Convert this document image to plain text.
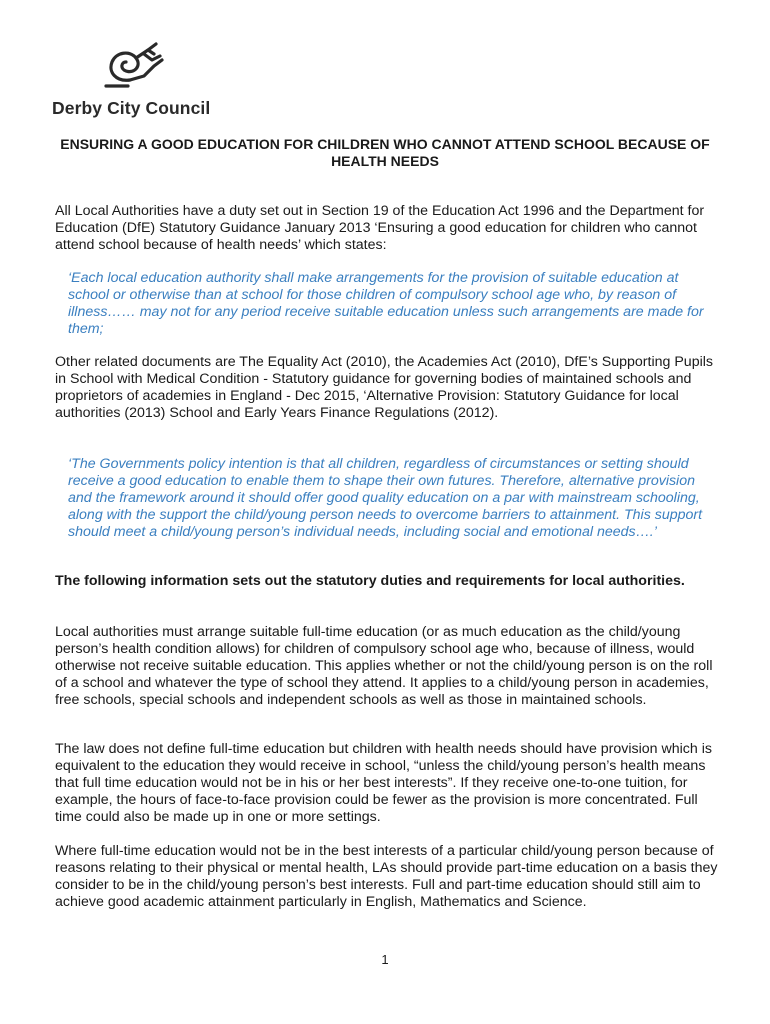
Derby City Council
ENSURING A GOOD EDUCATION FOR CHILDREN WHO CANNOT ATTEND SCHOOL BECAUSE OF HEALTH NEEDS

All Local Authorities have a duty set out in Section 19 of the Education Act 1996 and the Department for Education (DfE) Statutory Guidance January 2013 ‘Ensuring a good education for children who cannot attend school because of health needs’ which states:

‘Each local education authority shall make arrangements for the provision of suitable education at school or otherwise than at school for those children of compulsory school age who, by reason of illness…… may not for any period receive suitable education unless such arrangements are made for them;

Other related documents are The Equality Act (2010), the Academies Act (2010), DfE’s Supporting Pupils in School with Medical Condition - Statutory guidance for governing bodies of maintained schools and proprietors of academies in England - Dec 2015, ‘Alternative Provision: Statutory Guidance for local authorities (2013) School and Early Years Finance Regulations (2012).

‘The Governments policy intention is that all children, regardless of circumstances or setting should receive a good education to enable them to shape their own futures. Therefore, alternative provision and the framework around it should offer good quality education on a par with mainstream schooling, along with the support the child/young person needs to overcome barriers to attainment. This support should meet a child/young person’s individual needs, including social and emotional needs….’

The following information sets out the statutory duties and requirements for local authorities.

Local authorities must arrange suitable full-time education (or as much education as the child/young person’s health condition allows) for children of compulsory school age who, because of illness, would otherwise not receive suitable education. This applies whether or not the child/young person is on the roll of a school and whatever the type of school they attend. It applies to a child/young person in academies, free schools, special schools and independent schools as well as those in maintained schools.

The law does not define full-time education but children with health needs should have provision which is equivalent to the education they would receive in school, “unless the child/young person’s health means that full time education would not be in his or her best interests”. If they receive one-to-one tuition, for example, the hours of face-to-face provision could be fewer as the provision is more concentrated. Full time could also be made up in one or more settings.

Where full-time education would not be in the best interests of a particular child/young person because of reasons relating to their physical or mental health, LAs should provide part-time education on a basis they consider to be in the child/young person’s best interests. Full and part-time education should still aim to achieve good academic attainment particularly in English, Mathematics and Science.

1
